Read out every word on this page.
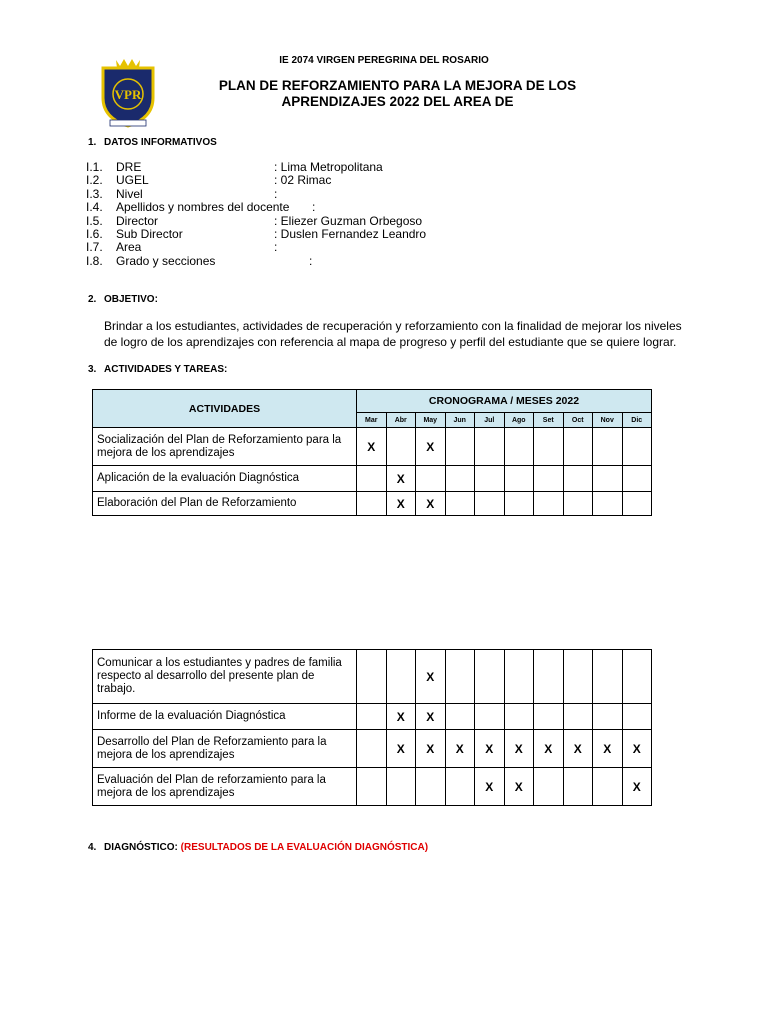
VPR
IE 2074 VIRGEN PEREGRINA DEL ROSARIO
PLAN DE REFORZAMIENTO PARA LA MEJORA DE LOS
APRENDIZAJES 2022 DEL AREA DE
1. DATOS INFORMATIVOS
I.1. DRE	: Lima Metropolitana
I.2. UGEL	: 02 Rimac
I.3. Nivel	:
I.4. Apellidos y nombres del docente :
I.5. Director	: Eliezer Guzman Orbegoso
I.6. Sub Director	: Duslen Fernandez Leandro
I.7. Area	:
I.8. Grado y secciones	:
2. OBJETIVO:
Brindar a los estudiantes, actividades de recuperación y reforzamiento con la finalidad de mejorar los niveles de logro de los aprendizajes con referencia al mapa de progreso y perfil del estudiante que se quiere lograr.
3. ACTIVIDADES Y TAREAS:
ACTIVIDADES	CRONOGRAMA / MESES 2022									
	Mar	Abr	May	Jun	Jul	Ago	Set	Oct	Nov	Dic
Socialización del Plan de Reforzamiento para la mejora de los aprendizajes	X		X							
Aplicación de la evaluación Diagnóstica		X								
Elaboración del Plan de Reforzamiento		X	X							
Comunicar a los estudiantes y padres de familia respecto al desarrollo del presente plan de trabajo.			X							
Informe de la evaluación Diagnóstica		X	X							
Desarrollo del Plan de Reforzamiento para la mejora de los aprendizajes		X	X	X	X	X	X	X	X	X
Evaluación del Plan de reforzamiento para la mejora de los aprendizajes					X	X				X
4. DIAGNÓSTICO: (RESULTADOS DE LA EVALUACIÓN DIAGNÓSTICA)
